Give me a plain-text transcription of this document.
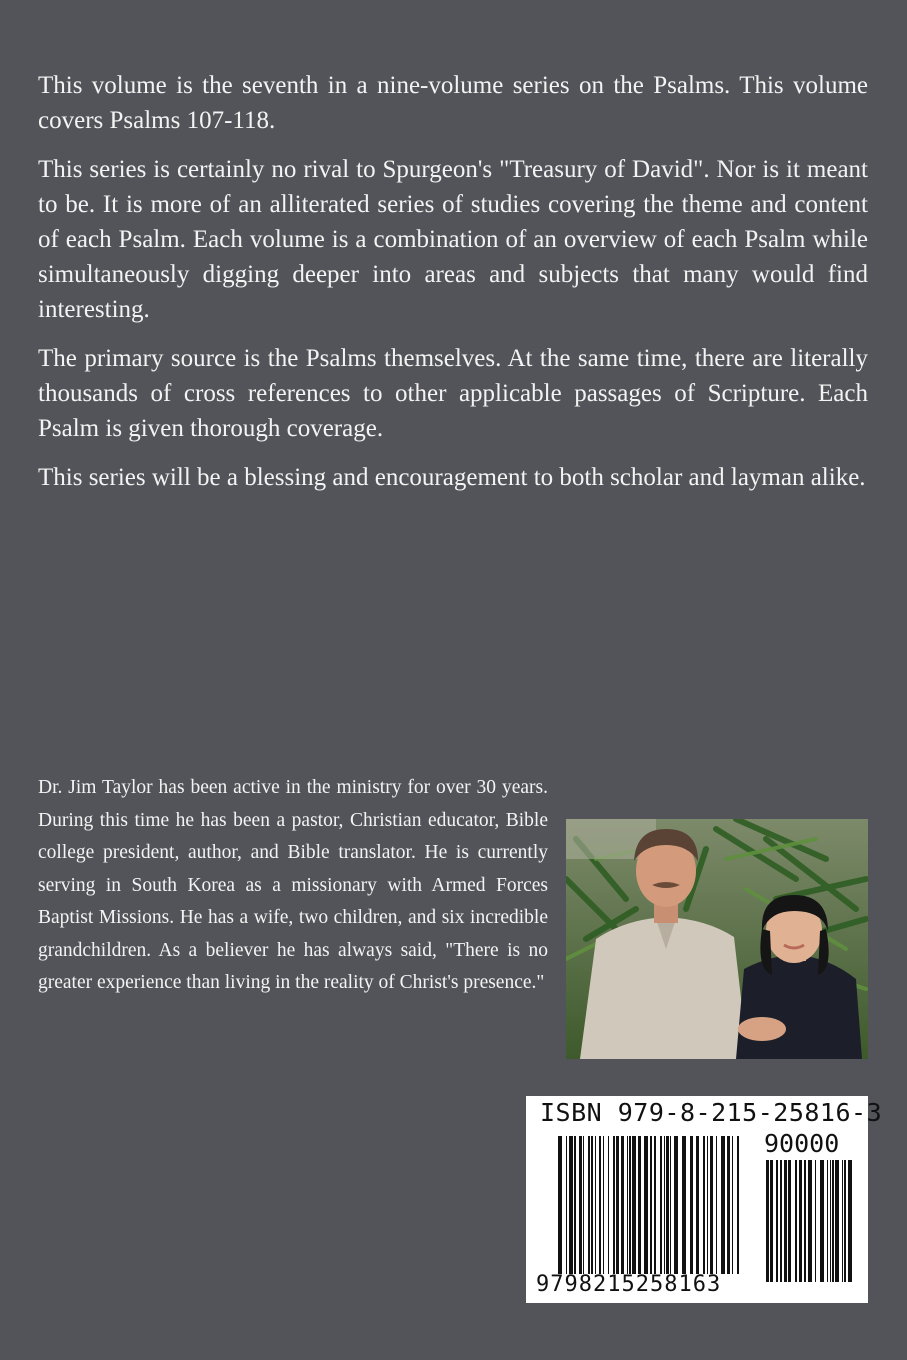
This volume is the seventh in a nine-volume series on the Psalms. This volume covers Psalms 107-118.

This series is certainly no rival to Spurgeon's "Treasury of David". Nor is it meant to be. It is more of an alliterated series of studies covering the theme and content of each Psalm. Each volume is a combination of an overview of each Psalm while simultaneously digging deeper into areas and subjects that many would find interesting.

The primary source is the Psalms themselves. At the same time, there are literally thousands of cross references to other applicable passages of Scripture. Each Psalm is given thorough coverage.

This series will be a blessing and encouragement to both scholar and layman alike.

Dr. Jim Taylor has been active in the ministry for over 30 years. During this time he has been a pastor, Christian educator, Bible college president, author, and Bible translator. He is currently serving in South Korea as a missionary with Armed Forces Baptist Missions. He has a wife, two children, and six incredible grandchildren. As a believer he has always said, "There is no greater experience than living in the reality of Christ's presence."

ISBN 979-8-215-25816-3
90000
9798215258163
